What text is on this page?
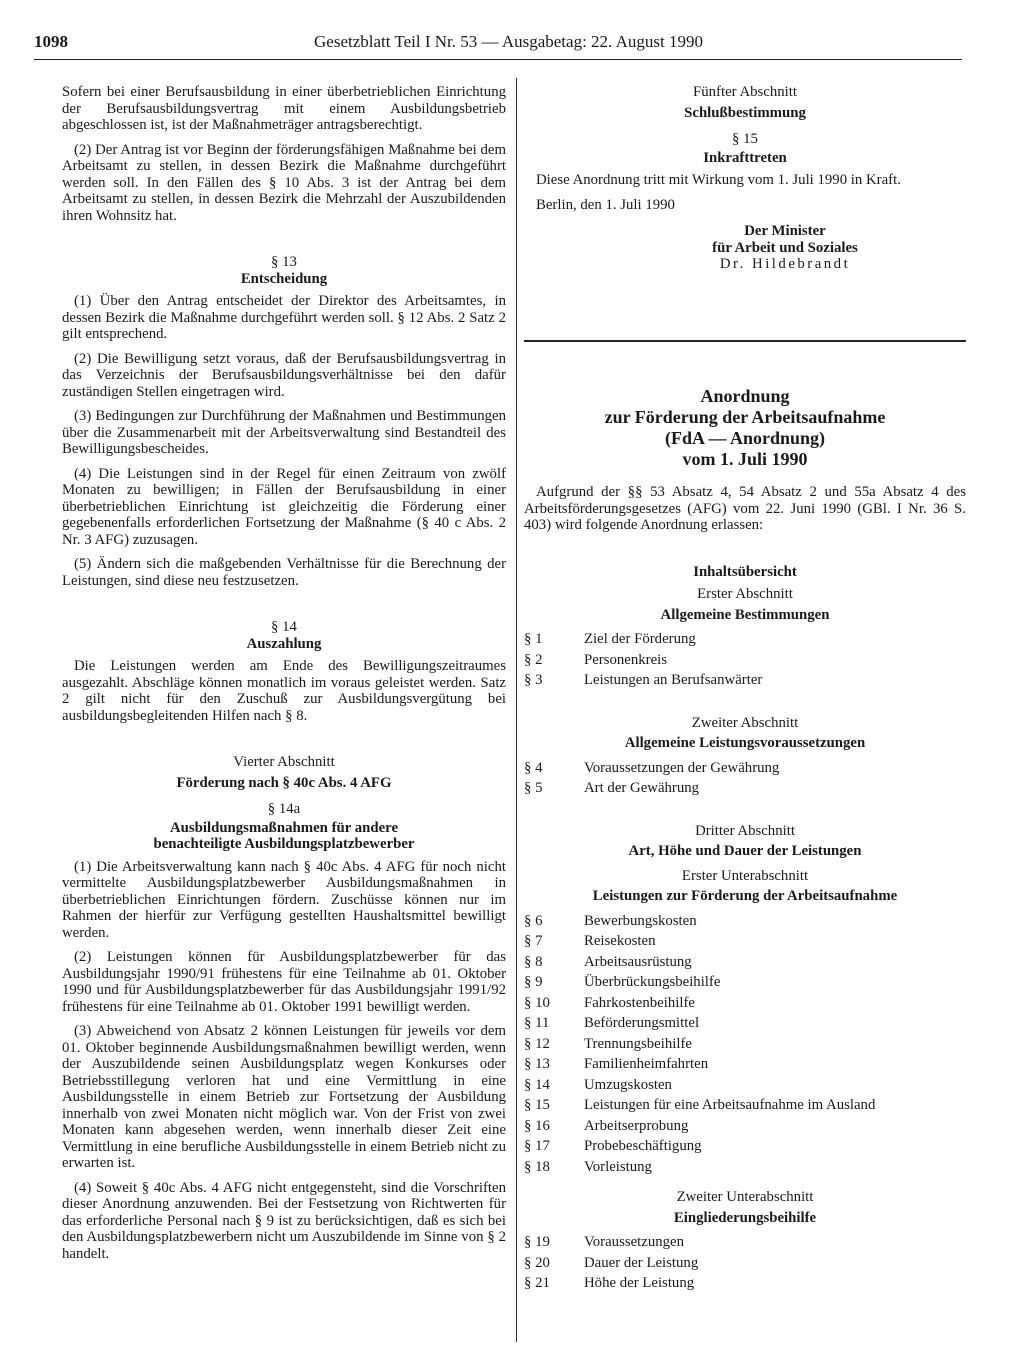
1098	Gesetzblatt Teil I Nr. 53 — Ausgabetag: 22. August 1990

Sofern bei einer Berufsausbildung in einer überbetrieblichen Einrichtung der Berufsausbildungsvertrag mit einem Ausbildungsbetrieb abgeschlossen ist, ist der Maßnahmeträger antragsberechtigt.

(2) Der Antrag ist vor Beginn der förderungsfähigen Maßnahme bei dem Arbeitsamt zu stellen, in dessen Bezirk die Maßnahme durchgeführt werden soll. In den Fällen des § 10 Abs. 3 ist der Antrag bei dem Arbeitsamt zu stellen, in dessen Bezirk die Mehrzahl der Auszubildenden ihren Wohnsitz hat.

§ 13

Entscheidung

(1) Über den Antrag entscheidet der Direktor des Arbeitsamtes, in dessen Bezirk die Maßnahme durchgeführt werden soll. § 12 Abs. 2 Satz 2 gilt entsprechend.

(2) Die Bewilligung setzt voraus, daß der Berufsausbildungsvertrag in das Verzeichnis der Berufsausbildungsverhältnisse bei den dafür zuständigen Stellen eingetragen wird.

(3) Bedingungen zur Durchführung der Maßnahmen und Bestimmungen über die Zusammenarbeit mit der Arbeitsverwaltung sind Bestandteil des Bewilligungsbescheides.

(4) Die Leistungen sind in der Regel für einen Zeitraum von zwölf Monaten zu bewilligen; in Fällen der Berufsausbildung in einer überbetrieblichen Einrichtung ist gleichzeitig die Förderung einer gegebenenfalls erforderlichen Fortsetzung der Maßnahme (§ 40 c Abs. 2 Nr. 3 AFG) zuzusagen.

(5) Ändern sich die maßgebenden Verhältnisse für die Berechnung der Leistungen, sind diese neu festzusetzen.

§ 14

Auszahlung

Die Leistungen werden am Ende des Bewilligungszeitraumes ausgezahlt. Abschläge können monatlich im voraus geleistet werden. Satz 2 gilt nicht für den Zuschuß zur Ausbildungsvergütung bei ausbildungsbegleitenden Hilfen nach § 8.

Vierter Abschnitt

Förderung nach § 40c Abs. 4 AFG

§ 14a

Ausbildungsmaßnahmen für andere

benachteiligte Ausbildungsplatzbewerber

(1) Die Arbeitsverwaltung kann nach § 40c Abs. 4 AFG für noch nicht vermittelte Ausbildungsplatzbewerber Ausbildungsmaßnahmen in überbetrieblichen Einrichtungen fördern. Zuschüsse können nur im Rahmen der hierfür zur Verfügung gestellten Haushaltsmittel bewilligt werden.

(2) Leistungen können für Ausbildungsplatzbewerber für das Ausbildungsjahr 1990/91 frühestens für eine Teilnahme ab 01. Oktober 1990 und für Ausbildungsplatzbewerber für das Ausbildungsjahr 1991/92 frühestens für eine Teilnahme ab 01. Oktober 1991 bewilligt werden.

(3) Abweichend von Absatz 2 können Leistungen für jeweils vor dem 01. Oktober beginnende Ausbildungsmaßnahmen bewilligt werden, wenn der Auszubildende seinen Ausbildungsplatz wegen Konkurses oder Betriebsstillegung verloren hat und eine Vermittlung in eine Ausbildungsstelle in einem Betrieb zur Fortsetzung der Ausbildung innerhalb von zwei Monaten nicht möglich war. Von der Frist von zwei Monaten kann abgesehen werden, wenn innerhalb dieser Zeit eine Vermittlung in eine berufliche Ausbildungsstelle in einem Betrieb nicht zu erwarten ist.

(4) Soweit § 40c Abs. 4 AFG nicht entgegensteht, sind die Vorschriften dieser Anordnung anzuwenden. Bei der Festsetzung von Richtwerten für das erforderliche Personal nach § 9 ist zu berücksichtigen, daß es sich bei den Ausbildungsplatzbewerbern nicht um Auszubildende im Sinne von § 2 handelt.

Fünfter Abschnitt

Schlußbestimmung

§ 15

Inkrafttreten

Diese Anordnung tritt mit Wirkung vom 1. Juli 1990 in Kraft.

Berlin, den 1. Juli 1990

Der Minister

für Arbeit und Soziales

Dr. Hildebrandt

Anordnung

zur Förderung der Arbeitsaufnahme

(FdA — Anordnung)

vom 1. Juli 1990

Aufgrund der §§ 53 Absatz 4, 54 Absatz 2 und 55a Absatz 4 des Arbeitsförderungsgesetzes (AFG) vom 22. Juni 1990 (GBl. I Nr. 36 S. 403) wird folgende Anordnung erlassen:

Inhaltsübersicht

Erster Abschnitt

Allgemeine Bestimmungen

§ 1	Ziel der Förderung
§ 2	Personenkreis
§ 3	Leistungen an Berufsanwärter

Zweiter Abschnitt

Allgemeine Leistungsvoraussetzungen

§ 4	Voraussetzungen der Gewährung
§ 5	Art der Gewährung

Dritter Abschnitt

Art, Höhe und Dauer der Leistungen

Erster Unterabschnitt

Leistungen zur Förderung der Arbeitsaufnahme

§ 6	Bewerbungskosten
§ 7	Reisekosten
§ 8	Arbeitsausrüstung
§ 9	Überbrückungsbeihilfe
§ 10	Fahrkostenbeihilfe
§ 11	Beförderungsmittel
§ 12	Trennungsbeihilfe
§ 13	Familienheimfahrten
§ 14	Umzugskosten
§ 15	Leistungen für eine Arbeitsaufnahme im Ausland
§ 16	Arbeitserprobung
§ 17	Probebeschäftigung
§ 18	Vorleistung

Zweiter Unterabschnitt

Eingliederungsbeihilfe

§ 19	Voraussetzungen
§ 20	Dauer der Leistung
§ 21	Höhe der Leistung
